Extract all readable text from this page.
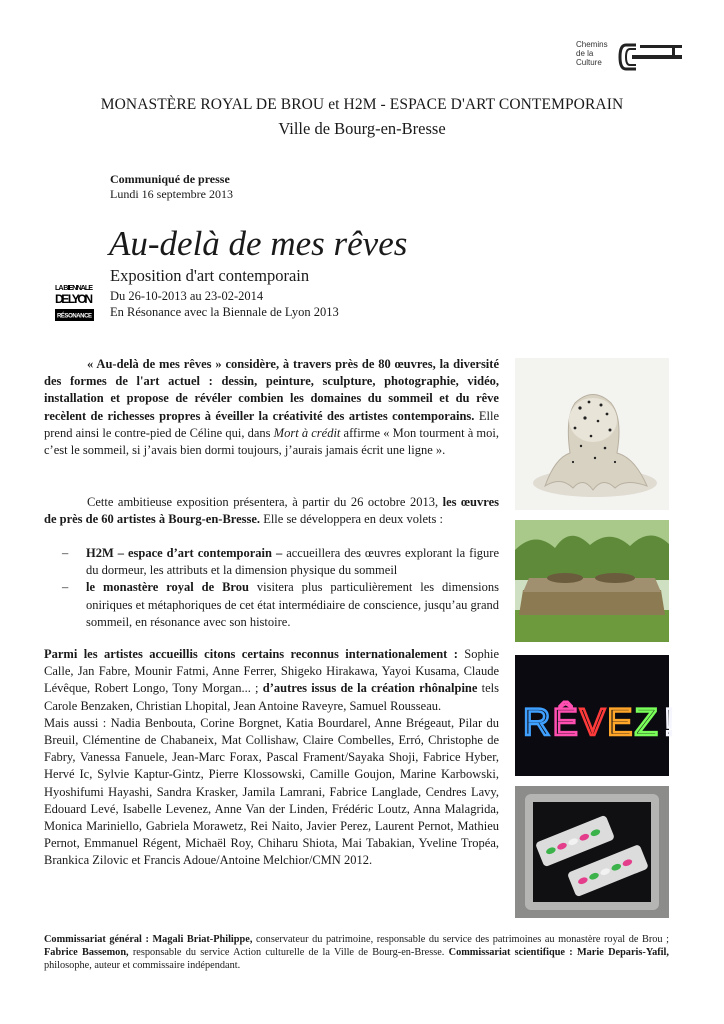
Chemins
de la
Culture
MONASTÈRE ROYAL DE BROU et H2M - ESPACE D'ART CONTEMPORAIN
Ville de Bourg-en-Bresse
Communiqué de presse
Lundi 16 septembre 2013
Au-delà de mes rêves
Exposition d'art contemporain
Du 26-10-2013 au 23-02-2014
En Résonance avec la Biennale de Lyon 2013
LA BIENNALE
DE LYON
RÉSONANCE
« Au-delà de mes rêves » considère, à travers près de 80 œuvres, la diversité des formes de l'art actuel : dessin, peinture, sculpture, photographie, vidéo, installation et propose de révéler combien les domaines du sommeil et du rêve recèlent de richesses propres à éveiller la créativité des artistes contemporains. Elle prend ainsi le contre-pied de Céline qui, dans Mort à crédit affirme « Mon tourment à moi, c’est le sommeil, si j’avais bien dormi toujours, j’aurais jamais écrit une ligne ».
Cette ambitieuse exposition présentera, à partir du 26 octobre 2013, les œuvres de près de 60 artistes à Bourg-en-Bresse. Elle se développera en deux volets :
– H2M – espace d’art contemporain – accueillera des œuvres explorant la figure du dormeur, les attributs et la dimension physique du sommeil
– le monastère royal de Brou visitera plus particulièrement les dimensions oniriques et métaphoriques de cet état intermédiaire de conscience, jusqu’au grand sommeil, en résonance avec son histoire.
Parmi les artistes accueillis citons certains reconnus internationalement : Sophie Calle, Jan Fabre, Mounir Fatmi, Anne Ferrer, Shigeko Hirakawa, Yayoi Kusama, Claude Lévêque, Robert Longo, Tony Morgan... ; d’autres issus de la création rhônalpine tels Carole Benzaken, Christian Lhopital, Jean Antoine Raveyre, Samuel Rousseau.
Mais aussi : Nadia Benbouta, Corine Borgnet, Katia Bourdarel, Anne Brégeaut, Pilar du Breuil, Clémentine de Chabaneix, Mat Collishaw, Claire Combelles, Erró, Christophe de Fabry, Vanessa Fanuele, Jean-Marc Forax, Pascal Frament/Sayaka Shoji, Fabrice Hyber, Hervé Ic, Sylvie Kaptur-Gintz, Pierre Klossowski, Camille Goujon, Marine Karbowski, Hyoshifumi Hayashi, Sandra Krasker, Jamila Lamrani, Fabrice Langlade, Cendres Lavy, Edouard Levé, Isabelle Levenez, Anne Van der Linden, Frédéric Loutz, Anna Malagrida, Monica Mariniello, Gabriela Morawetz, Rei Naito, Javier Perez, Laurent Pernot, Mathieu Pernot, Emmanuel Régent, Michaël Roy, Chiharu Shiota, Mai Tabakian, Yveline Tropéa, Brankica Zilovic et Francis Adoue/Antoine Melchior/CMN 2012.
RÊVEZ !
Commissariat général : Magali Briat-Philippe, conservateur du patrimoine, responsable du service des patrimoines au monastère royal de Brou ; Fabrice Bassemon, responsable du service Action culturelle de la Ville de Bourg-en-Bresse. Commissariat scientifique : Marie Deparis-Yafil, philosophe, auteur et commissaire indépendant.
